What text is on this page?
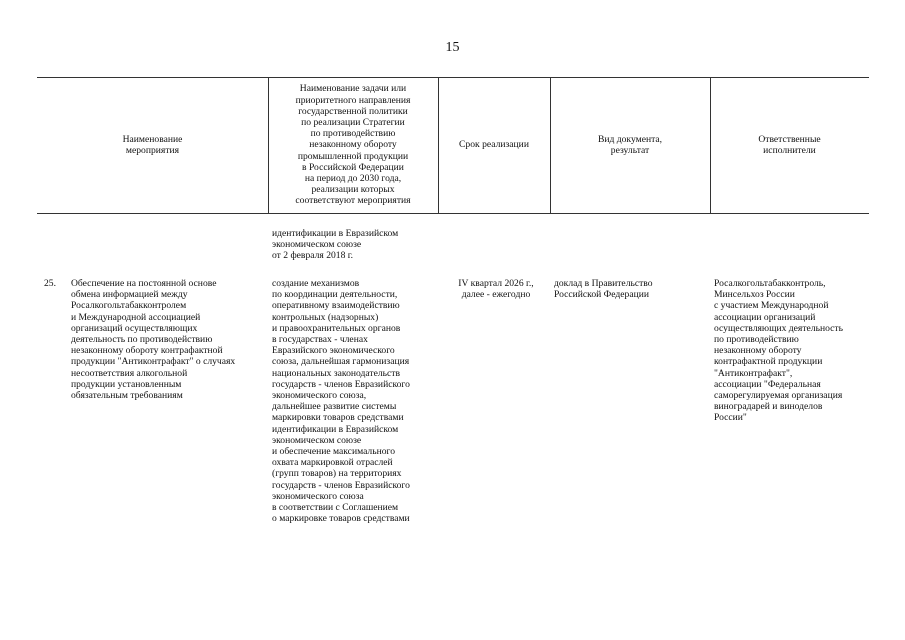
15
Наименование
мероприятия
Наименование задачи или
приоритетного направления
государственной политики
по реализации Стратегии
по противодействию
незаконному обороту
промышленной продукции
в Российской Федерации
на период до 2030 года,
реализации которых
соответствуют мероприятия
Срок реализации
Вид документа,
результат
Ответственные
исполнители
идентификации в Евразийском
экономическом союзе
от 2 февраля 2018 г.
25.	Обеспечение на постоянной основе
обмена информацией между
Росалкогольтабакконтролем
и Международной ассоциацией
организаций осуществляющих
деятельность по противодействию
незаконному обороту контрафактной
продукции "Антиконтрафакт" о случаях
несоответствия алкогольной
продукции установленным
обязательным требованиям
создание механизмов
по координации деятельности,
оперативному взаимодействию
контрольных (надзорных)
и правоохранительных органов
в государствах - членах
Евразийского экономического
союза, дальнейшая гармонизация
национальных законодательств
государств - членов Евразийского
экономического союза,
дальнейшее развитие системы
маркировки товаров средствами
идентификации в Евразийском
экономическом союзе
и обеспечение максимального
охвата маркировкой отраслей
(групп товаров) на территориях
государств - членов Евразийского
экономического союза
в соответствии с Соглашением
о маркировке товаров средствами
IV квартал 2026 г.,
далее - ежегодно
доклад в Правительство
Российской Федерации
Росалкогольтабакконтроль,
Минсельхоз России
с участием Международной
ассоциации организаций
осуществляющих деятельность
по противодействию
незаконному обороту
контрафактной продукции
"Антиконтрафакт",
ассоциации "Федеральная
саморегулируемая организация
виноградарей и виноделов
России"
